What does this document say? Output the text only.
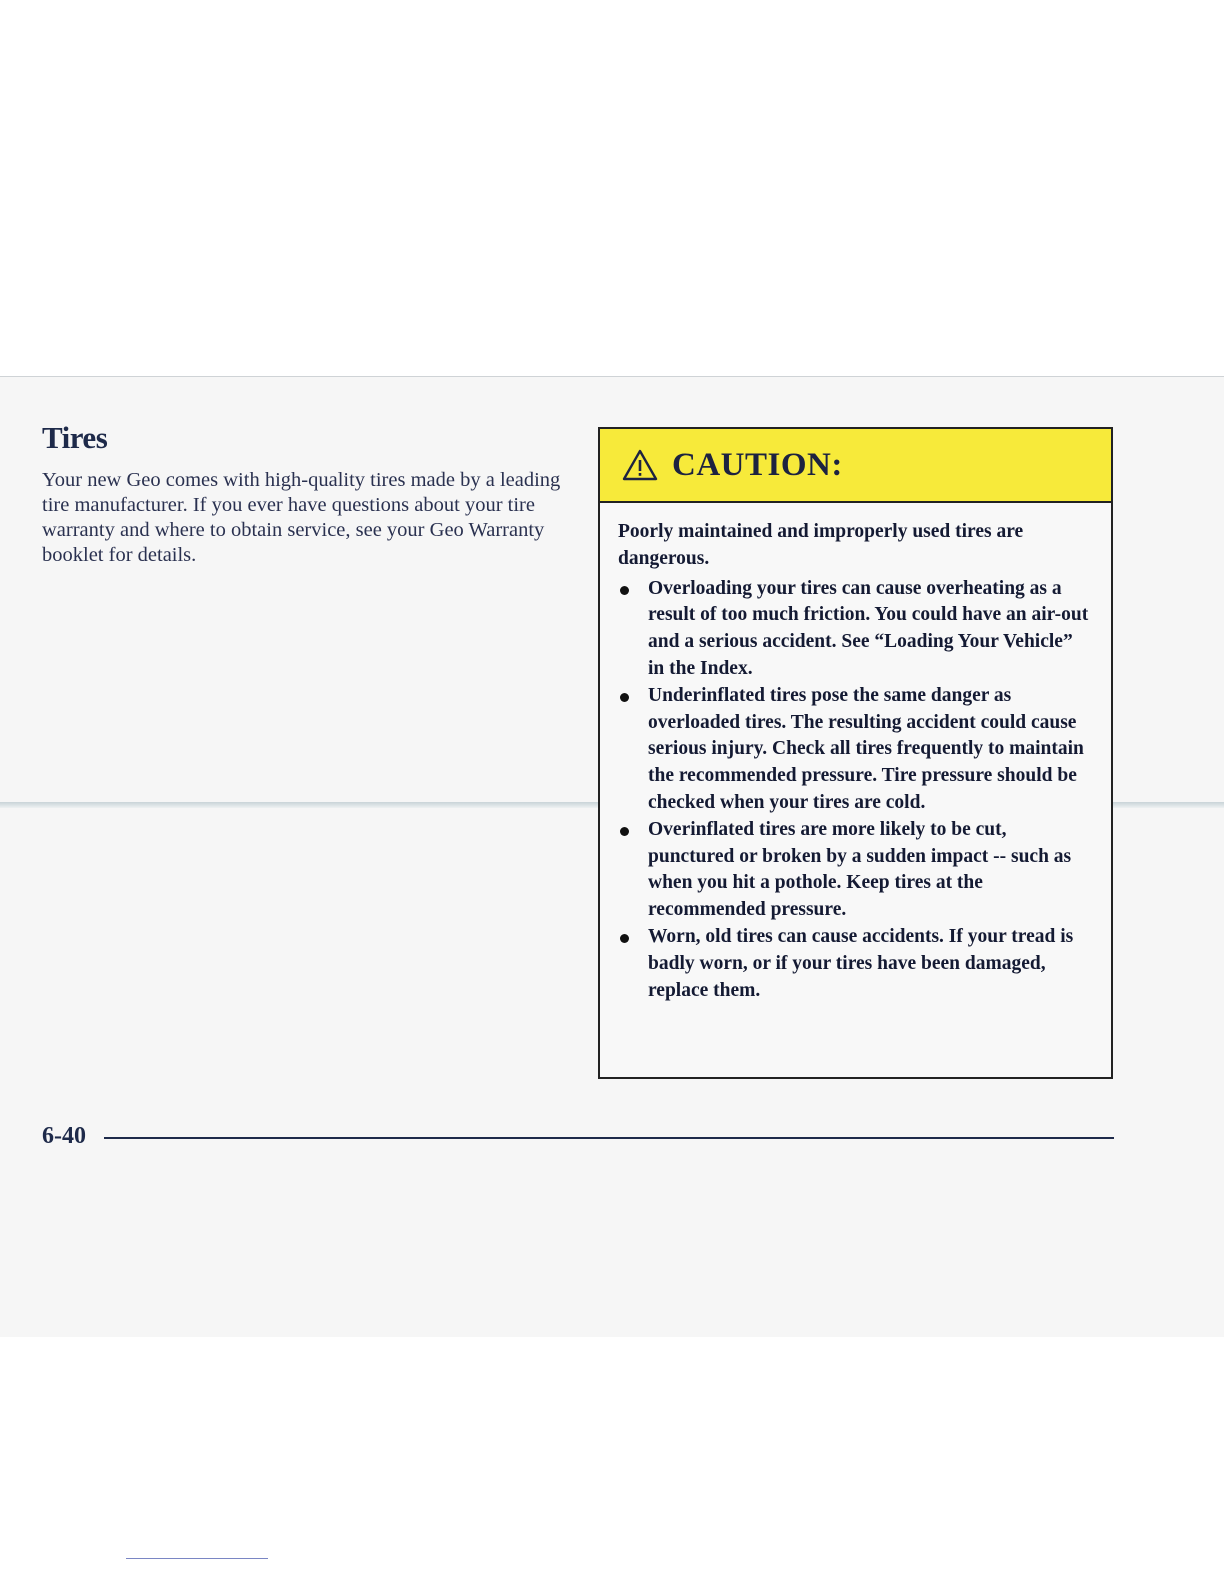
Tires

Your new Geo comes with high-quality tires made by a leading tire manufacturer. If you ever have questions about your tire warranty and where to obtain service, see your Geo Warranty booklet for details.

CAUTION:

Poorly maintained and improperly used tires are dangerous.

Overloading your tires can cause overheating as a result of too much friction. You could have an air-out and a serious accident. See “Loading Your Vehicle” in the Index.
Underinflated tires pose the same danger as overloaded tires. The resulting accident could cause serious injury. Check all tires frequently to maintain the recommended pressure. Tire pressure should be checked when your tires are cold.
Overinflated tires are more likely to be cut, punctured or broken by a sudden impact -- such as when you hit a pothole. Keep tires at the recommended pressure.
Worn, old tires can cause accidents. If your tread is badly worn, or if your tires have been damaged, replace them.
6-40
